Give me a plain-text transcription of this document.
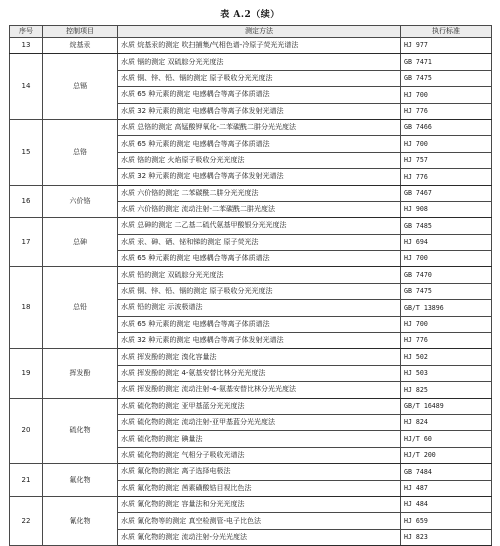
表 A.2（续）
序号	控制项目	测定方法	执行标准
13	烷基汞	水质 烷基汞的测定 吹扫捕集/气相色谱-冷原子荧光光谱法	HJ 977
14	总镉	水质 镉的测定 双硫腙分光光度法	GB 7471
		水质 铜、锌、铅、镉的测定 原子吸收分光光度法	GB 7475
		水质 65 种元素的测定 电感耦合等离子体质谱法	HJ 700
		水质 32 种元素的测定 电感耦合等离子体发射光谱法	HJ 776
15	总铬	水质 总铬的测定 高锰酸钾氧化-二苯碳酰二肼分光光度法	GB 7466
		水质 65 种元素的测定 电感耦合等离子体质谱法	HJ 700
		水质 铬的测定 火焰原子吸收分光光度法	HJ 757
		水质 32 种元素的测定 电感耦合等离子体发射光谱法	HJ 776
16	六价铬	水质 六价铬的测定 二苯碳酰二肼分光光度法	GB 7467
		水质 六价铬的测定 流动注射-二苯碳酰二肼光度法	HJ 908
17	总砷	水质 总砷的测定 二乙基二硫代氨基甲酸银分光光度法	GB 7485
		水质 汞、砷、硒、铋和锑的测定 原子荧光法	HJ 694
		水质 65 种元素的测定 电感耦合等离子体质谱法	HJ 700
18	总铅	水质 铅的测定 双硫腙分光光度法	GB 7470
		水质 铜、锌、铅、镉的测定 原子吸收分光光度法	GB 7475
		水质 铅的测定 示波极谱法	GB/T 13896
		水质 65 种元素的测定 电感耦合等离子体质谱法	HJ 700
		水质 32 种元素的测定 电感耦合等离子体发射光谱法	HJ 776
19	挥发酚	水质 挥发酚的测定 溴化容量法	HJ 502
		水质 挥发酚的测定 4-氨基安替比林分光光度法	HJ 503
		水质 挥发酚的测定 流动注射-4-氨基安替比林分光光度法	HJ 825
20	硫化物	水质 硫化物的测定 亚甲基蓝分光光度法	GB/T 16489
		水质 硫化物的测定 流动注射-亚甲基蓝分光光度法	HJ 824
		水质 硫化物的测定 碘量法	HJ/T 60
		水质 硫化物的测定 气相分子吸收光谱法	HJ/T 200
21	氟化物	水质 氟化物的测定 离子选择电极法	GB 7484
		水质 氟化物的测定 茜素磺酸锆目视比色法	HJ 487
22	氰化物	水质 氰化物的测定 容量法和分光光度法	HJ 484
		水质 氰化物等的测定 真空检测管-电子比色法	HJ 659
		水质 氰化物的测定 流动注射-分光光度法	HJ 823
